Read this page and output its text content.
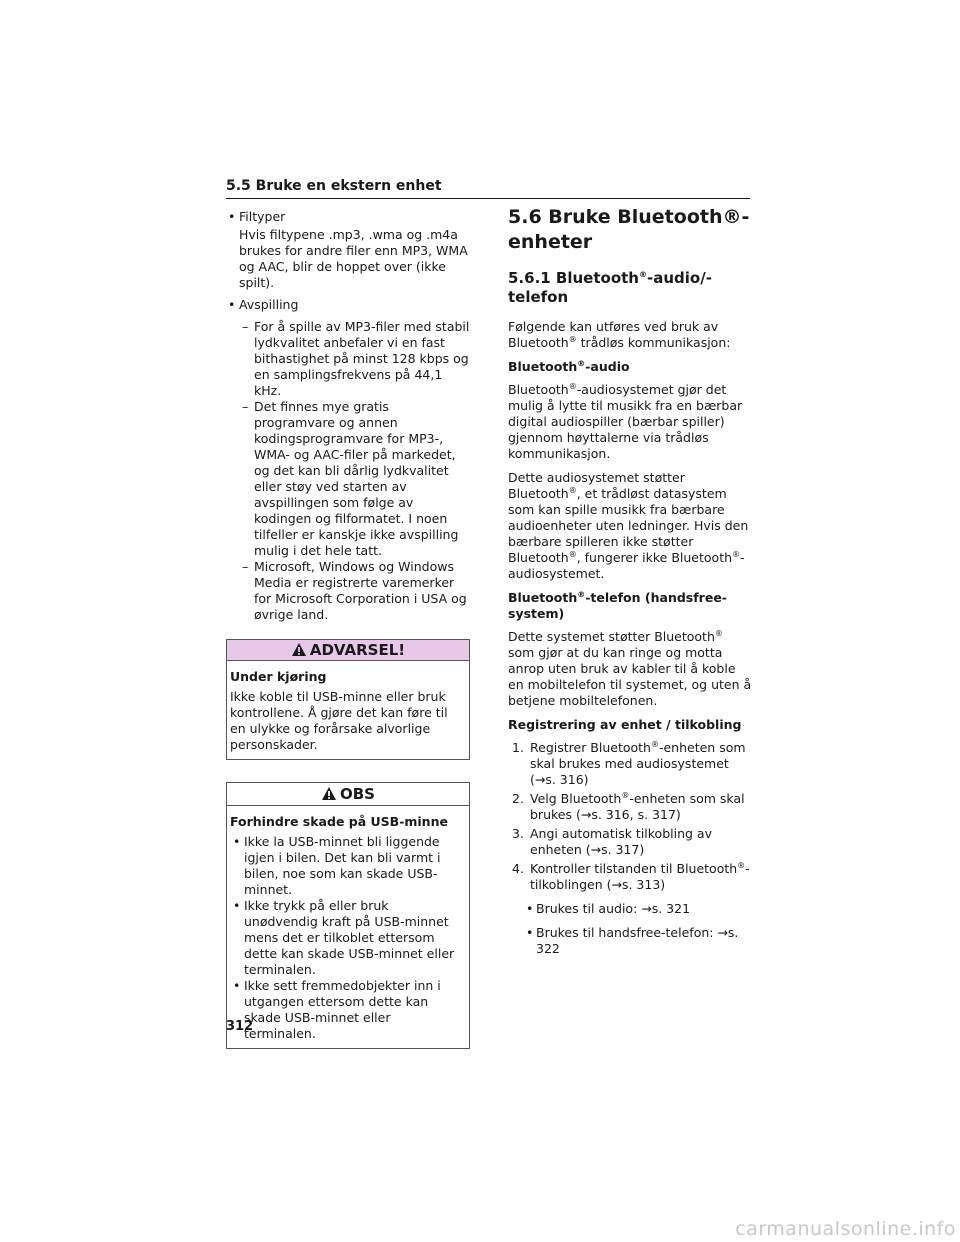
5.5 Bruke en ekstern enhet
• Filtyper
Hvis filtypene .mp3, .wma og .m4a brukes for andre filer enn MP3, WMA og AAC, blir de hoppet over (ikke spilt).
• Avspilling
– For å spille av MP3-filer med stabil lydkvalitet anbefaler vi en fast bithastighet på minst 128 kbps og en samplingsfrekvens på 44,1 kHz.
– Det finnes mye gratis programvare og annen kodingsprogramvare for MP3-, WMA- og AAC-filer på markedet, og det kan bli dårlig lydkvalitet eller støy ved starten av avspillingen som følge av kodingen og filformatet. I noen tilfeller er kanskje ikke avspilling mulig i det hele tatt.
– Microsoft, Windows og Windows Media er registrerte varemerker for Microsoft Corporation i USA og øvrige land.
ADVARSEL!
Under kjøring
Ikke koble til USB-minne eller bruk kontrollene. Å gjøre det kan føre til en ulykke og forårsake alvorlige personskader.
OBS
Forhindre skade på USB-minne
• Ikke la USB-minnet bli liggende igjen i bilen. Det kan bli varmt i bilen, noe som kan skade USB-minnet.
• Ikke trykk på eller bruk unødvendig kraft på USB-minnet mens det er tilkoblet ettersom dette kan skade USB-minnet eller terminalen.
• Ikke sett fremmedobjekter inn i utgangen ettersom dette kan skade USB-minnet eller terminalen.
5.6 Bruke Bluetooth®-enheter
5.6.1 Bluetooth®-audio/-telefon

Følgende kan utføres ved bruk av Bluetooth® trådløs kommunikasjon:

Bluetooth®-audio

Bluetooth®-audiosystemet gjør det mulig å lytte til musikk fra en bærbar digital audiospiller (bærbar spiller) gjennom høyttalerne via trådløs kommunikasjon.

Dette audiosystemet støtter Bluetooth®, et trådløst datasystem som kan spille musikk fra bærbare audioenheter uten ledninger. Hvis den bærbare spilleren ikke støtter Bluetooth®, fungerer ikke Bluetooth®-audiosystemet.

Bluetooth®-telefon (handsfree-system)

Dette systemet støtter Bluetooth® som gjør at du kan ringe og motta anrop uten bruk av kabler til å koble en mobiltelefon til systemet, og uten å betjene mobiltelefonen.

Registrering av enhet / tilkobling

1. Registrer Bluetooth®-enheten som skal brukes med audiosystemet (→s. 316)
2. Velg Bluetooth®-enheten som skal brukes (→s. 316, s. 317)
3. Angi automatisk tilkobling av enheten (→s. 317)
4. Kontroller tilstanden til Bluetooth®-tilkoblingen (→s. 313)
• Brukes til audio: →s. 321
• Brukes til handsfree-telefon: →s. 322
312
carmanualsonline.info
